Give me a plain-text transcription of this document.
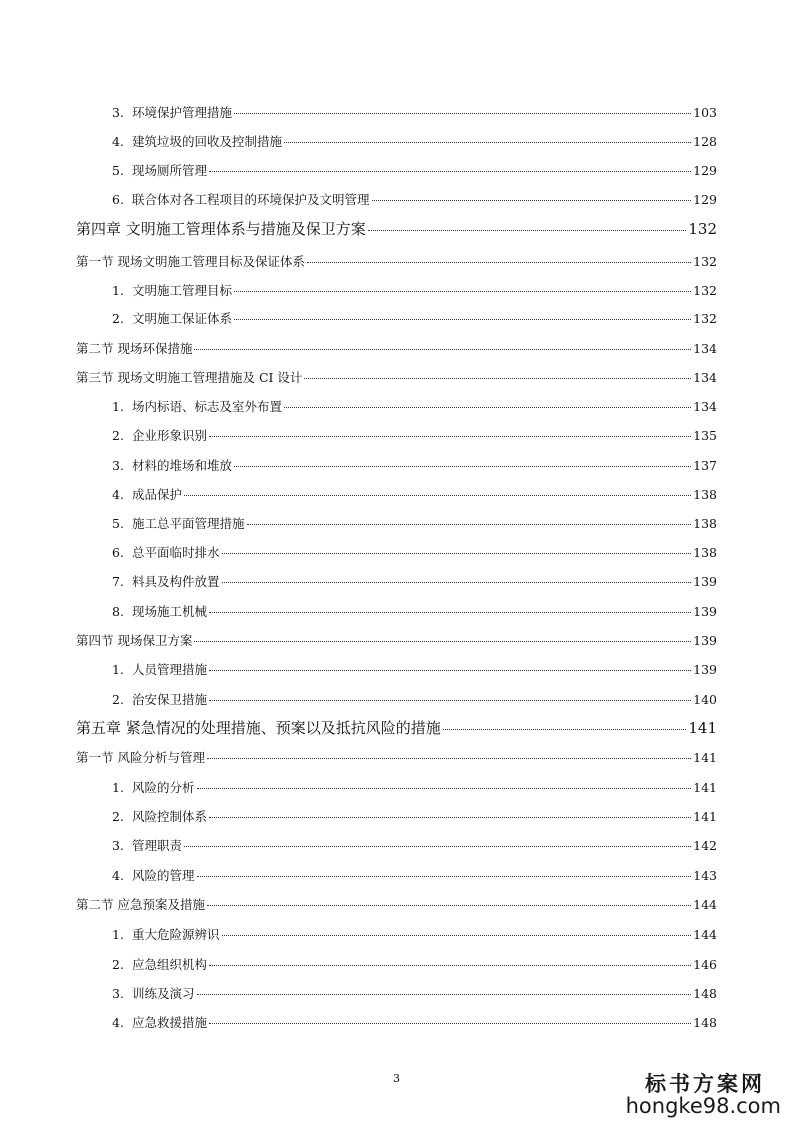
3. 环境保护管理措施	103
4. 建筑垃圾的回收及控制措施	128
5. 现场厕所管理	129
6. 联合体对各工程项目的环境保护及文明管理	129
第四章 文明施工管理体系与措施及保卫方案	132
第一节 现场文明施工管理目标及保证体系	132
1. 文明施工管理目标	132
2. 文明施工保证体系	132
第二节 现场环保措施	134
第三节 现场文明施工管理措施及 CI 设计	134
1. 场内标语、标志及室外布置	134
2. 企业形象识别	135
3. 材料的堆场和堆放	137
4. 成品保护	138
5. 施工总平面管理措施	138
6. 总平面临时排水	138
7. 料具及构件放置	139
8. 现场施工机械	139
第四节 现场保卫方案	139
1. 人员管理措施	139
2. 治安保卫措施	140
第五章 紧急情况的处理措施、预案以及抵抗风险的措施	141
第一节 风险分析与管理	141
1. 风险的分析	141
2. 风险控制体系	141
3. 管理职责	142
4. 风险的管理	143
第二节 应急预案及措施	144
1. 重大危险源辨识	144
2. 应急组织机构	146
3. 训练及演习	148
4. 应急救援措施	148
3	标书方案网
hongke98.com
